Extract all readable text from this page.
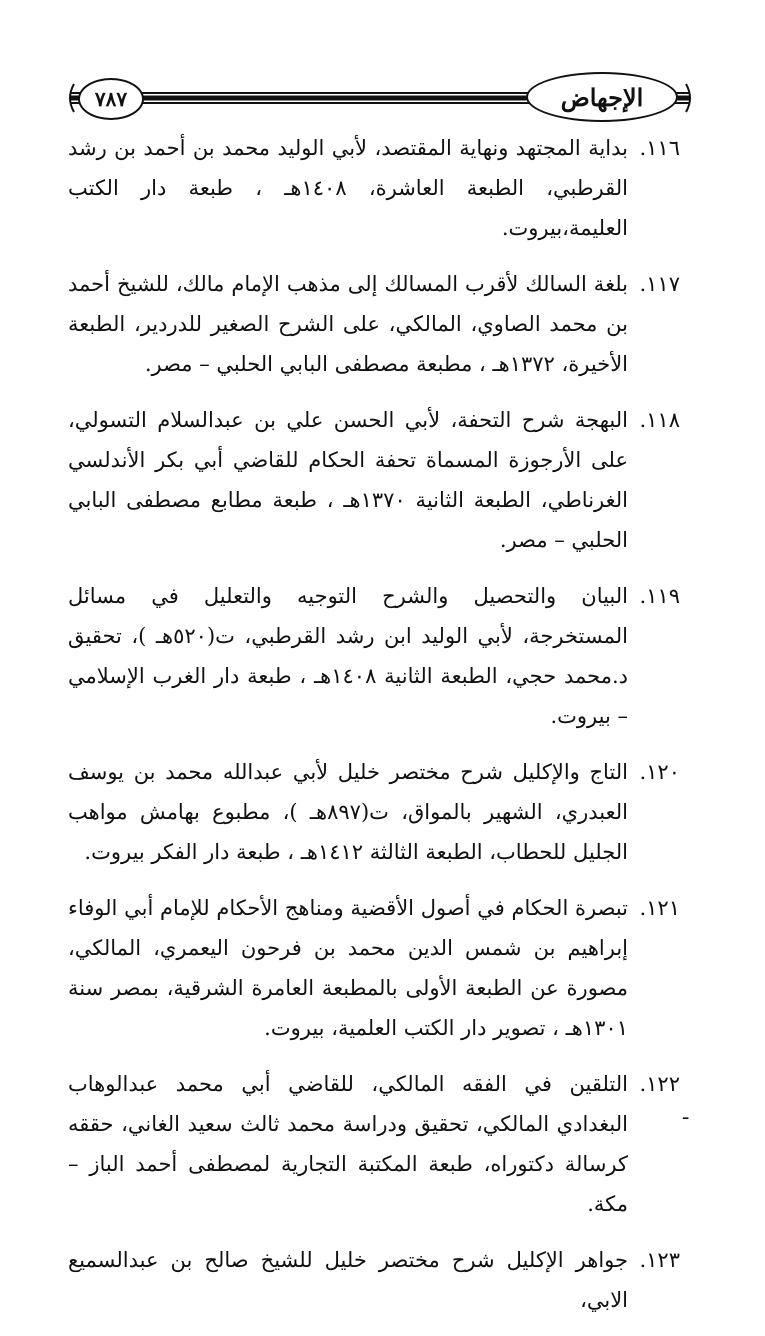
الإجهاض
٧٨٧
١١٦.بداية المجتهد ونهاية المقتصد، لأبي الوليد محمد بن أحمد بن رشد القرطبي، الطبعة العاشرة، ١٤٠٨هـ ، طبعة دار الكتب العليمة،بيروت.
١١٧.بلغة السالك لأقرب المسالك إلى مذهب الإمام مالك، للشيخ أحمد بن محمد الصاوي، المالكي، على الشرح الصغير للدردير، الطبعة الأخيرة، ١٣٧٢هـ ، مطبعة مصطفى البابي الحلبي – مصر.
١١٨.البهجة شرح التحفة، لأبي الحسن علي بن عبدالسلام التسولي، على الأرجوزة المسماة تحفة الحكام للقاضي أبي بكر الأندلسي الغرناطي، الطبعة الثانية ١٣٧٠هـ ، طبعة مطابع مصطفى البابي الحلبي – مصر.
١١٩.البيان والتحصيل والشرح التوجيه والتعليل في مسائل المستخرجة، لأبي الوليد ابن رشد القرطبي، ت(٥٢٠هـ )، تحقيق د.محمد حجي، الطبعة الثانية ١٤٠٨هـ ، طبعة دار الغرب الإسلامي – بيروت.
١٢٠.التاج والإكليل شرح مختصر خليل لأبي عبدالله محمد بن يوسف العبدري، الشهير بالمواق، ت(٨٩٧هـ )، مطبوع بهامش مواهب الجليل للحطاب، الطبعة الثالثة ١٤١٢هـ ، طبعة دار الفكر بيروت.
١٢١.تبصرة الحكام في أصول الأقضية ومناهج الأحكام للإمام أبي الوفاء إبراهيم بن شمس الدين محمد بن فرحون اليعمري، المالكي، مصورة عن الطبعة الأولى بالمطبعة العامرة الشرقية، بمصر سنة ١٣٠١هـ ، تصوير دار الكتب العلمية، بيروت.
١٢٢.التلقين في الفقه المالكي، للقاضي أبي محمد عبدالوهاب البغدادي المالكي، تحقيق ودراسة محمد ثالث سعيد الغاني، حققه كرسالة دكتوراه، طبعة المكتبة التجارية لمصطفى أحمد الباز – مكة.
١٢٣.جواهر الإكليل شرح مختصر خليل للشيخ صالح بن عبدالسميع الابي،
ـ
